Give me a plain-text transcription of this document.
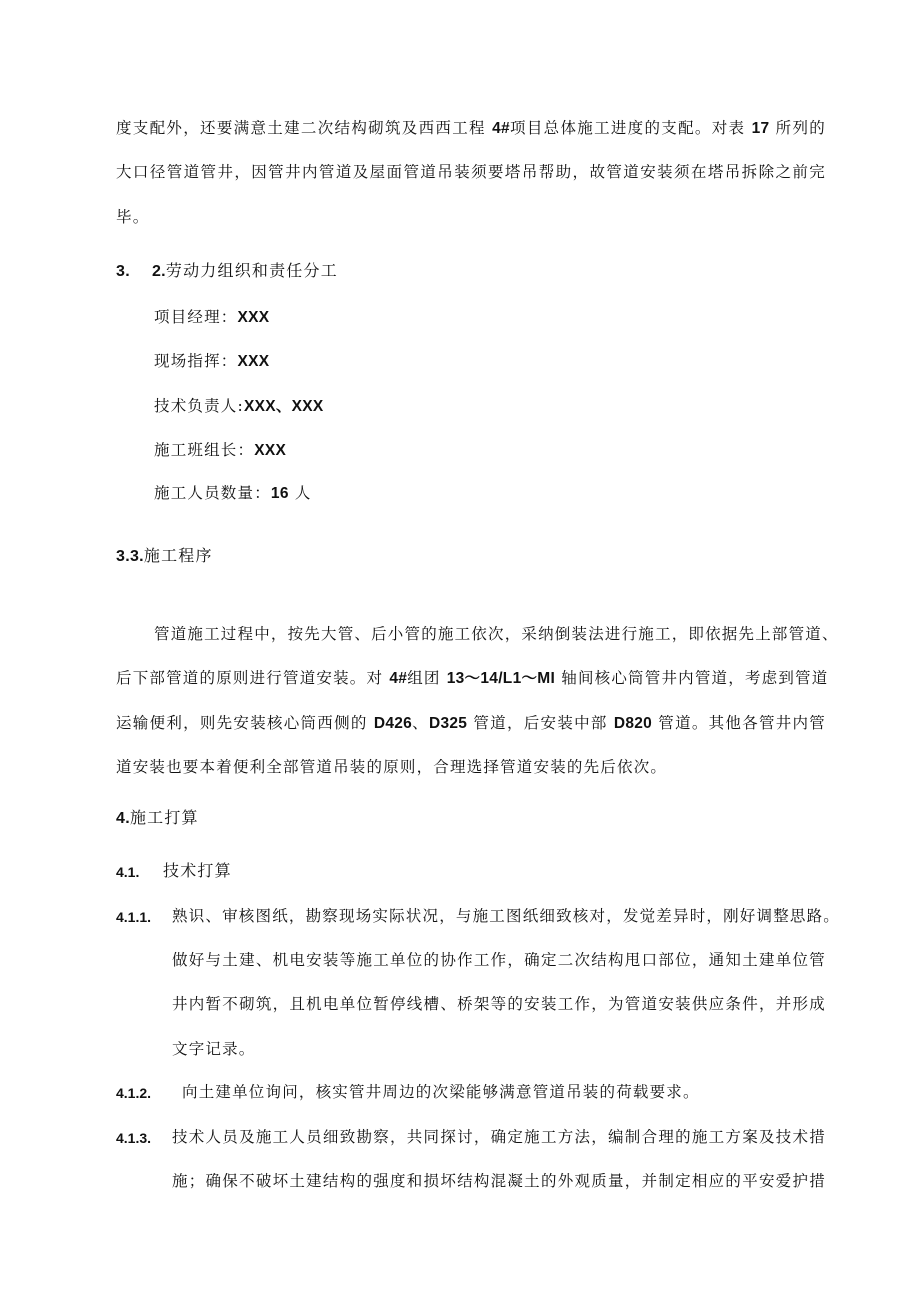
度支配外，还要满意土建二次结构砌筑及西西工程 4#项目总体施工进度的支配。对表 17 所列的
大口径管道管井，因管井内管道及屋面管道吊装须要塔吊帮助，故管道安装须在塔吊拆除之前完
毕。
3. 2.劳动力组织和责任分工
项目经理：XXX
现场指挥：XXX
技术负责人:XXX、XXX
施工班组长：XXX
施工人员数量：16 人
3.3.施工程序
管道施工过程中，按先大管、后小管的施工依次，采纳倒装法进行施工，即依据先上部管道、
后下部管道的原则进行管道安装。对 4#组团 13～14/L1～MI 轴间核心筒管井内管道，考虑到管道
运输便利，则先安装核心筒西侧的 D426、D325 管道，后安装中部 D820 管道。其他各管井内管
道安装也要本着便利全部管道吊装的原则，合理选择管道安装的先后依次。
4.施工打算
4.1. 技术打算
4.1.1. 熟识、审核图纸，勘察现场实际状况，与施工图纸细致核对，发觉差异时，刚好调整思路。
做好与土建、机电安装等施工单位的协作工作，确定二次结构甩口部位，通知土建单位管
井内暂不砌筑，且机电单位暂停线槽、桥架等的安装工作，为管道安装供应条件，并形成
文字记录。
4.1.2. 向土建单位询问，核实管井周边的次梁能够满意管道吊装的荷载要求。
4.1.3. 技术人员及施工人员细致勘察，共同探讨，确定施工方法，编制合理的施工方案及技术措
施；确保不破坏土建结构的强度和损坏结构混凝土的外观质量，并制定相应的平安爱护措
